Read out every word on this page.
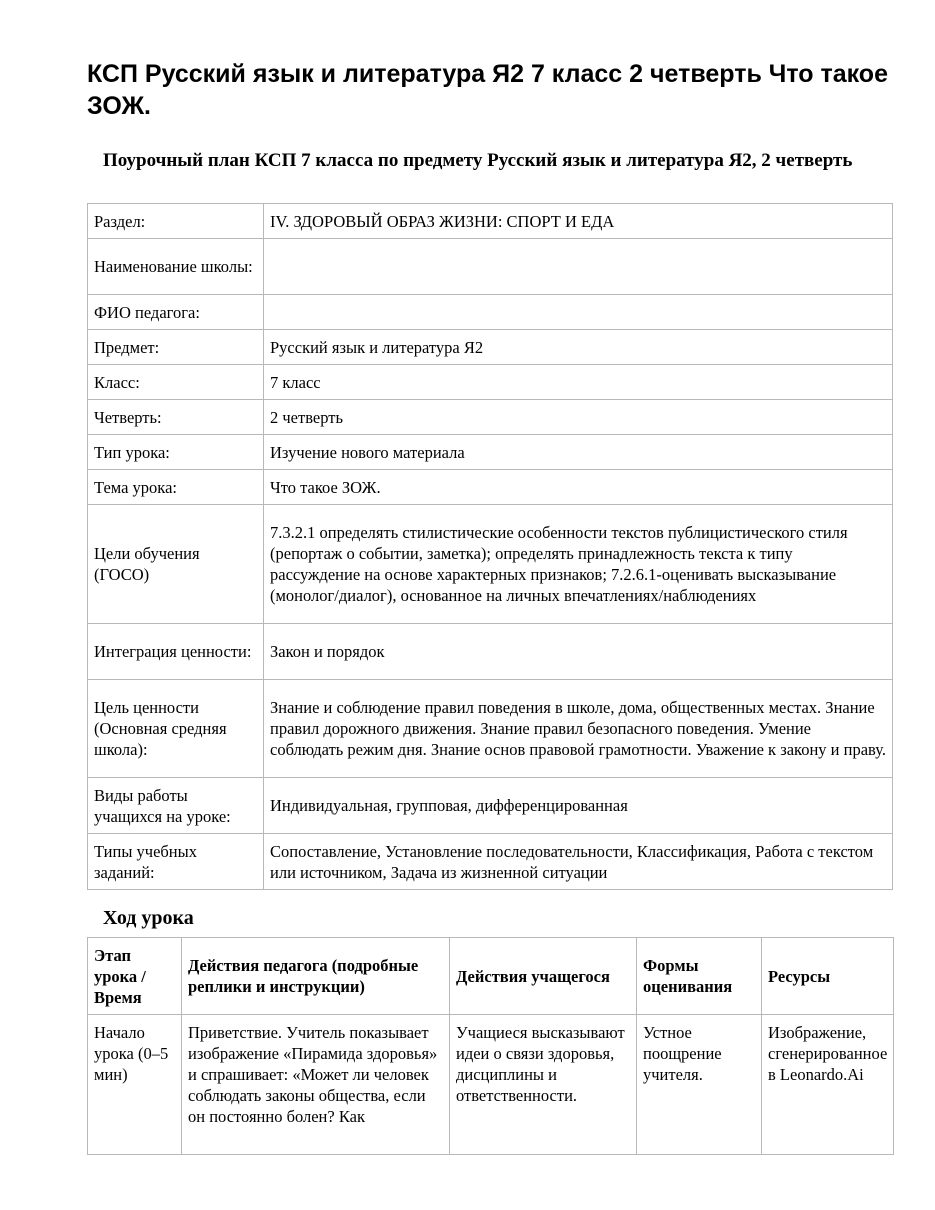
КСП Русский язык и литература Я2 7 класс 2 четверть Что такое ЗОЖ.
Поурочный план КСП 7 класса по предмету Русский язык и литература Я2, 2 четверть
Раздел:	IV. ЗДОРОВЫЙ ОБРАЗ ЖИЗНИ: СПОРТ И ЕДА
Наименование школы:	
ФИО педагога:	
Предмет:	Русский язык и литература Я2
Класс:	7 класс
Четверть:	2 четверть
Тип урока:	Изучение нового материала
Тема урока:	Что такое ЗОЖ.
Цели обучения (ГОСО)	7.3.2.1 определять стилистические особенности текстов публицистического стиля (репортаж о событии, заметка); определять принадлежность текста к типу рассуждение на основе характерных признаков; 7.2.6.1-оценивать высказывание (монолог/диалог), основанное на личных впечатлениях/наблюдениях
Интеграция ценности:	Закон и порядок
Цель ценности (Основная средняя школа):	Знание и соблюдение правил поведения в школе, дома, общественных местах. Знание правил дорожного движения. Знание правил безопасного поведения. Умение соблюдать режим дня. Знание основ правовой грамотности. Уважение к закону и праву.
Виды работы учащихся на уроке:	Индивидуальная, групповая, дифференцированная
Типы учебных заданий:	Сопоставление, Установление последовательности, Классификация, Работа с текстом или источником, Задача из жизненной ситуации
Ход урока
Этап урока / Время	Действия педагога (подробные реплики и инструкции)	Действия учащегося	Формы оценивания	Ресурсы
Начало урока (0–5 мин)	Приветствие. Учитель показывает изображение «Пирамида здоровья» и спрашивает: «Может ли человек соблюдать законы общества, если он постоянно болен? Как	Учащиеся высказывают идеи о связи здоровья, дисциплины и ответственности.	Устное поощрение учителя.	Изображение, сгенерированное в Leonardo.Ai
